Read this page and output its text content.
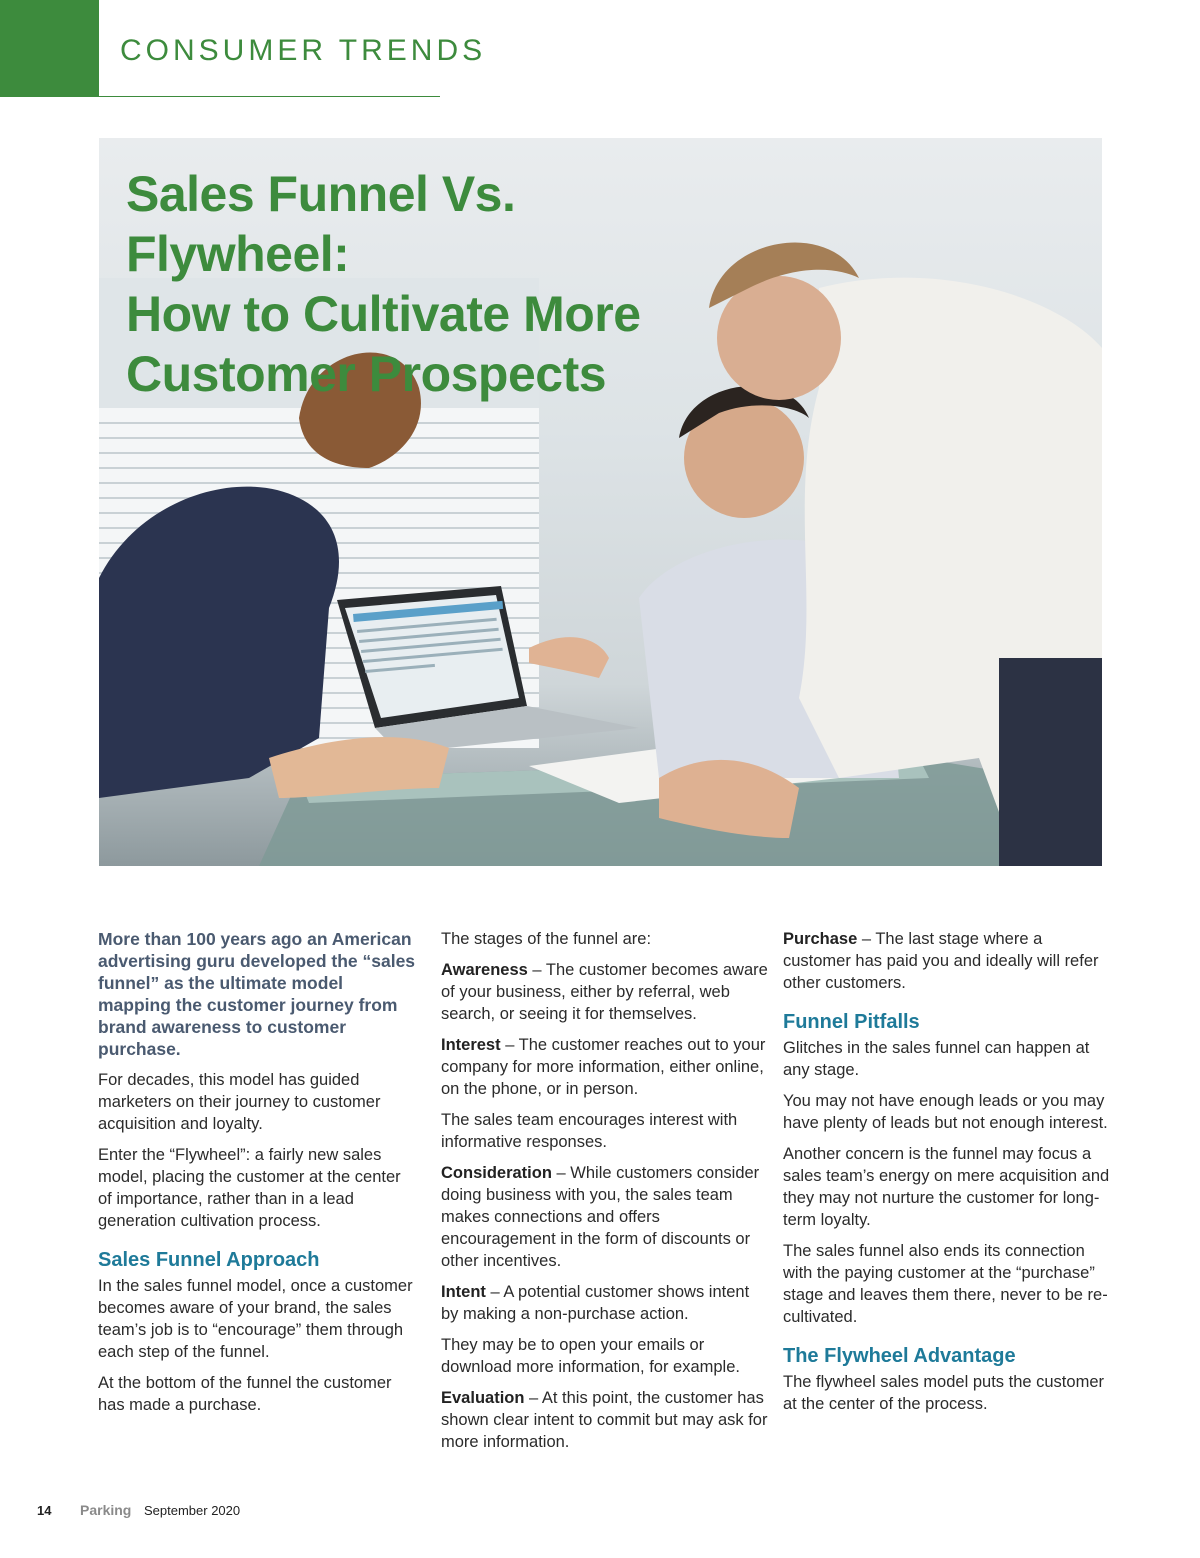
CONSUMER TRENDS
Sales Funnel Vs. Flywheel:
How to Cultivate More
Customer Prospects

More than 100 years ago an American advertising guru developed the “sales funnel” as the ultimate model mapping the customer journey from brand awareness to customer purchase.

For decades, this model has guided marketers on their journey to customer acquisition and loyalty.

Enter the “Flywheel”: a fairly new sales model, placing the customer at the center of importance, rather than in a lead generation cultivation process.

Sales Funnel Approach

In the sales funnel model, once a customer becomes aware of your brand, the sales team’s job is to “encourage” them through each step of the funnel.

At the bottom of the funnel the customer has made a purchase.

The stages of the funnel are:

Awareness – The customer becomes aware of your business, either by referral, web search, or seeing it for themselves.

Interest – The customer reaches out to your company for more information, either online, on the phone, or in person.

The sales team encourages interest with informative responses.

Consideration – While customers consider doing business with you, the sales team makes connections and offers encouragement in the form of discounts or other incentives.

Intent – A potential customer shows intent by making a non-purchase action.

They may be to open your emails or download more information, for example.

Evaluation – At this point, the customer has shown clear intent to commit but may ask for more information.

Purchase – The last stage where a customer has paid you and ideally will refer other customers.

Funnel Pitfalls

Glitches in the sales funnel can happen at any stage.

You may not have enough leads or you may have plenty of leads but not enough interest.

Another concern is the funnel may focus a sales team’s energy on mere acquisition and they may not nurture the customer for long-term loyalty.

The sales funnel also ends its connection with the paying customer at the “purchase” stage and leaves them there, never to be re-cultivated.

The Flywheel Advantage

The flywheel sales model puts the customer at the center of the process.

14 Parking September 2020
